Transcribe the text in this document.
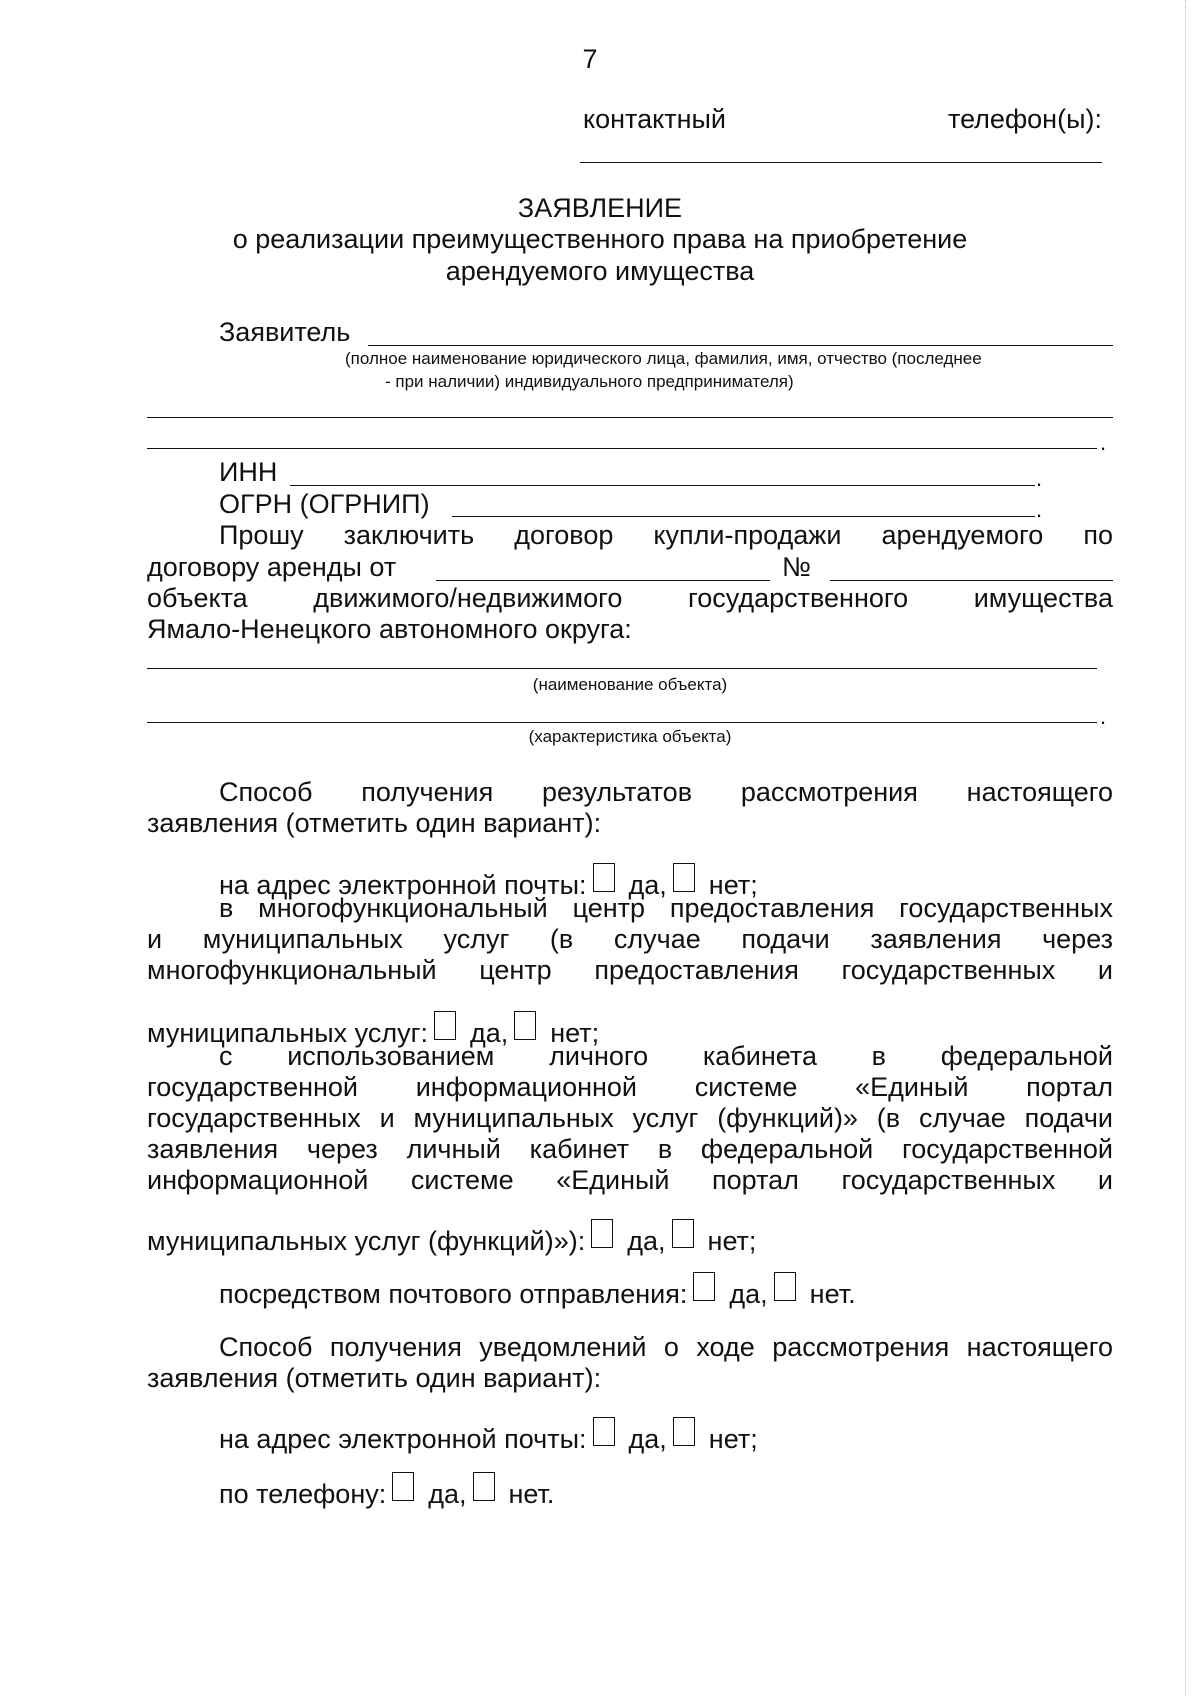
7
контактный	телефон(ы):
ЗАЯВЛЕНИЕ
о реализации преимущественного права на приобретение
арендуемого имущества
Заявитель
(полное наименование юридического лица, фамилия, имя, отчество (последнее
- при наличии) индивидуального предпринимателя)
.
ИНН	.
ОГРН (ОГРНИП)	.
Прошу заключить договор купли-продажи арендуемого по
договору аренды от	№
объекта движимого/недвижимого государственного имущества
Ямало-Ненецкого автономного округа:
(наименование объекта)
.
(характеристика объекта)
Способ получения результатов рассмотрения настоящего
заявления (отметить один вариант):
на адрес электронной почты: да, нет;
в многофункциональный центр предоставления государственных
и муниципальных услуг (в случае подачи заявления через
многофункциональный центр предоставления государственных и
муниципальных услуг: да, нет;
с использованием личного кабинета в федеральной
государственной информационной системе «Единый портал
государственных и муниципальных услуг (функций)» (в случае подачи
заявления через личный кабинет в федеральной государственной
информационной системе «Единый портал государственных и
муниципальных услуг (функций)»): да, нет;
посредством почтового отправления: да, нет.
Способ получения уведомлений о ходе рассмотрения настоящего
заявления (отметить один вариант):
на адрес электронной почты: да, нет;
по телефону: да, нет.
